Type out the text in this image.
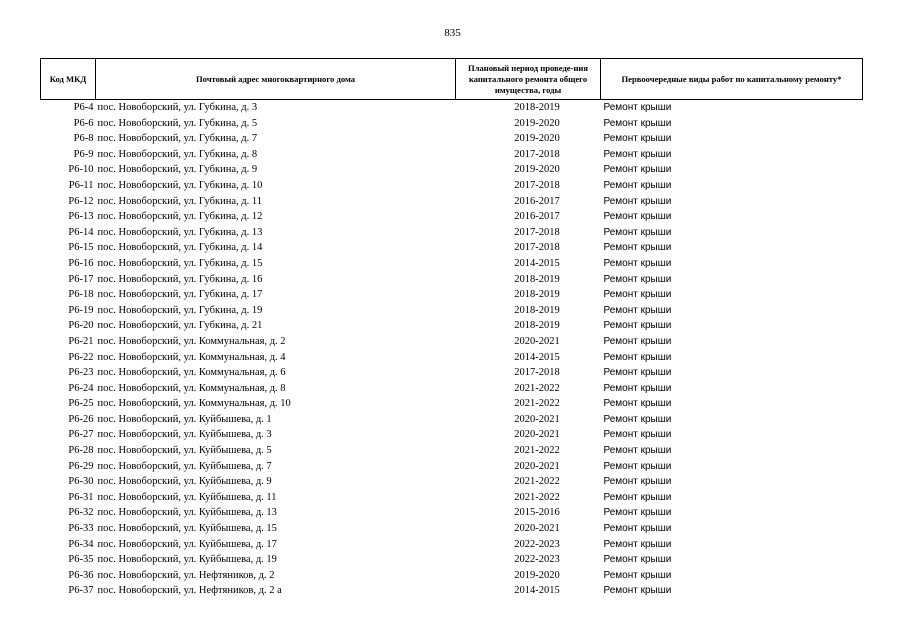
835
Код МКД	Почтовый адрес многоквартирного дома	Плановый период проведе-ния капитального ремонта общего имущества, годы	Первоочередные виды работ по капитальному ремонту*
Р6-4	пос. Новоборский, ул. Губкина, д. 3	2018-2019	Ремонт крыши
Р6-6	пос. Новоборский, ул. Губкина, д. 5	2019-2020	Ремонт крыши
Р6-8	пос. Новоборский, ул. Губкина, д. 7	2019-2020	Ремонт крыши
Р6-9	пос. Новоборский, ул. Губкина, д. 8	2017-2018	Ремонт крыши
Р6-10	пос. Новоборский, ул. Губкина, д. 9	2019-2020	Ремонт крыши
Р6-11	пос. Новоборский, ул. Губкина, д. 10	2017-2018	Ремонт крыши
Р6-12	пос. Новоборский, ул. Губкина, д. 11	2016-2017	Ремонт крыши
Р6-13	пос. Новоборский, ул. Губкина, д. 12	2016-2017	Ремонт крыши
Р6-14	пос. Новоборский, ул. Губкина, д. 13	2017-2018	Ремонт крыши
Р6-15	пос. Новоборский, ул. Губкина, д. 14	2017-2018	Ремонт крыши
Р6-16	пос. Новоборский, ул. Губкина, д. 15	2014-2015	Ремонт крыши
Р6-17	пос. Новоборский, ул. Губкина, д. 16	2018-2019	Ремонт крыши
Р6-18	пос. Новоборский, ул. Губкина, д. 17	2018-2019	Ремонт крыши
Р6-19	пос. Новоборский, ул. Губкина, д. 19	2018-2019	Ремонт крыши
Р6-20	пос. Новоборский, ул. Губкина, д. 21	2018-2019	Ремонт крыши
Р6-21	пос. Новоборский, ул. Коммунальная, д. 2	2020-2021	Ремонт крыши
Р6-22	пос. Новоборский, ул. Коммунальная, д. 4	2014-2015	Ремонт крыши
Р6-23	пос. Новоборский, ул. Коммунальная, д. 6	2017-2018	Ремонт крыши
Р6-24	пос. Новоборский, ул. Коммунальная, д. 8	2021-2022	Ремонт крыши
Р6-25	пос. Новоборский, ул. Коммунальная, д. 10	2021-2022	Ремонт крыши
Р6-26	пос. Новоборский, ул. Куйбышева, д. 1	2020-2021	Ремонт крыши
Р6-27	пос. Новоборский, ул. Куйбышева, д. 3	2020-2021	Ремонт крыши
Р6-28	пос. Новоборский, ул. Куйбышева, д. 5	2021-2022	Ремонт крыши
Р6-29	пос. Новоборский, ул. Куйбышева, д. 7	2020-2021	Ремонт крыши
Р6-30	пос. Новоборский, ул. Куйбышева, д. 9	2021-2022	Ремонт крыши
Р6-31	пос. Новоборский, ул. Куйбышева, д. 11	2021-2022	Ремонт крыши
Р6-32	пос. Новоборский, ул. Куйбышева, д. 13	2015-2016	Ремонт крыши
Р6-33	пос. Новоборский, ул. Куйбышева, д. 15	2020-2021	Ремонт крыши
Р6-34	пос. Новоборский, ул. Куйбышева, д. 17	2022-2023	Ремонт крыши
Р6-35	пос. Новоборский, ул. Куйбышева, д. 19	2022-2023	Ремонт крыши
Р6-36	пос. Новоборский, ул. Нефтяников, д. 2	2019-2020	Ремонт крыши
Р6-37	пос. Новоборский, ул. Нефтяников, д. 2 а	2014-2015	Ремонт крыши
